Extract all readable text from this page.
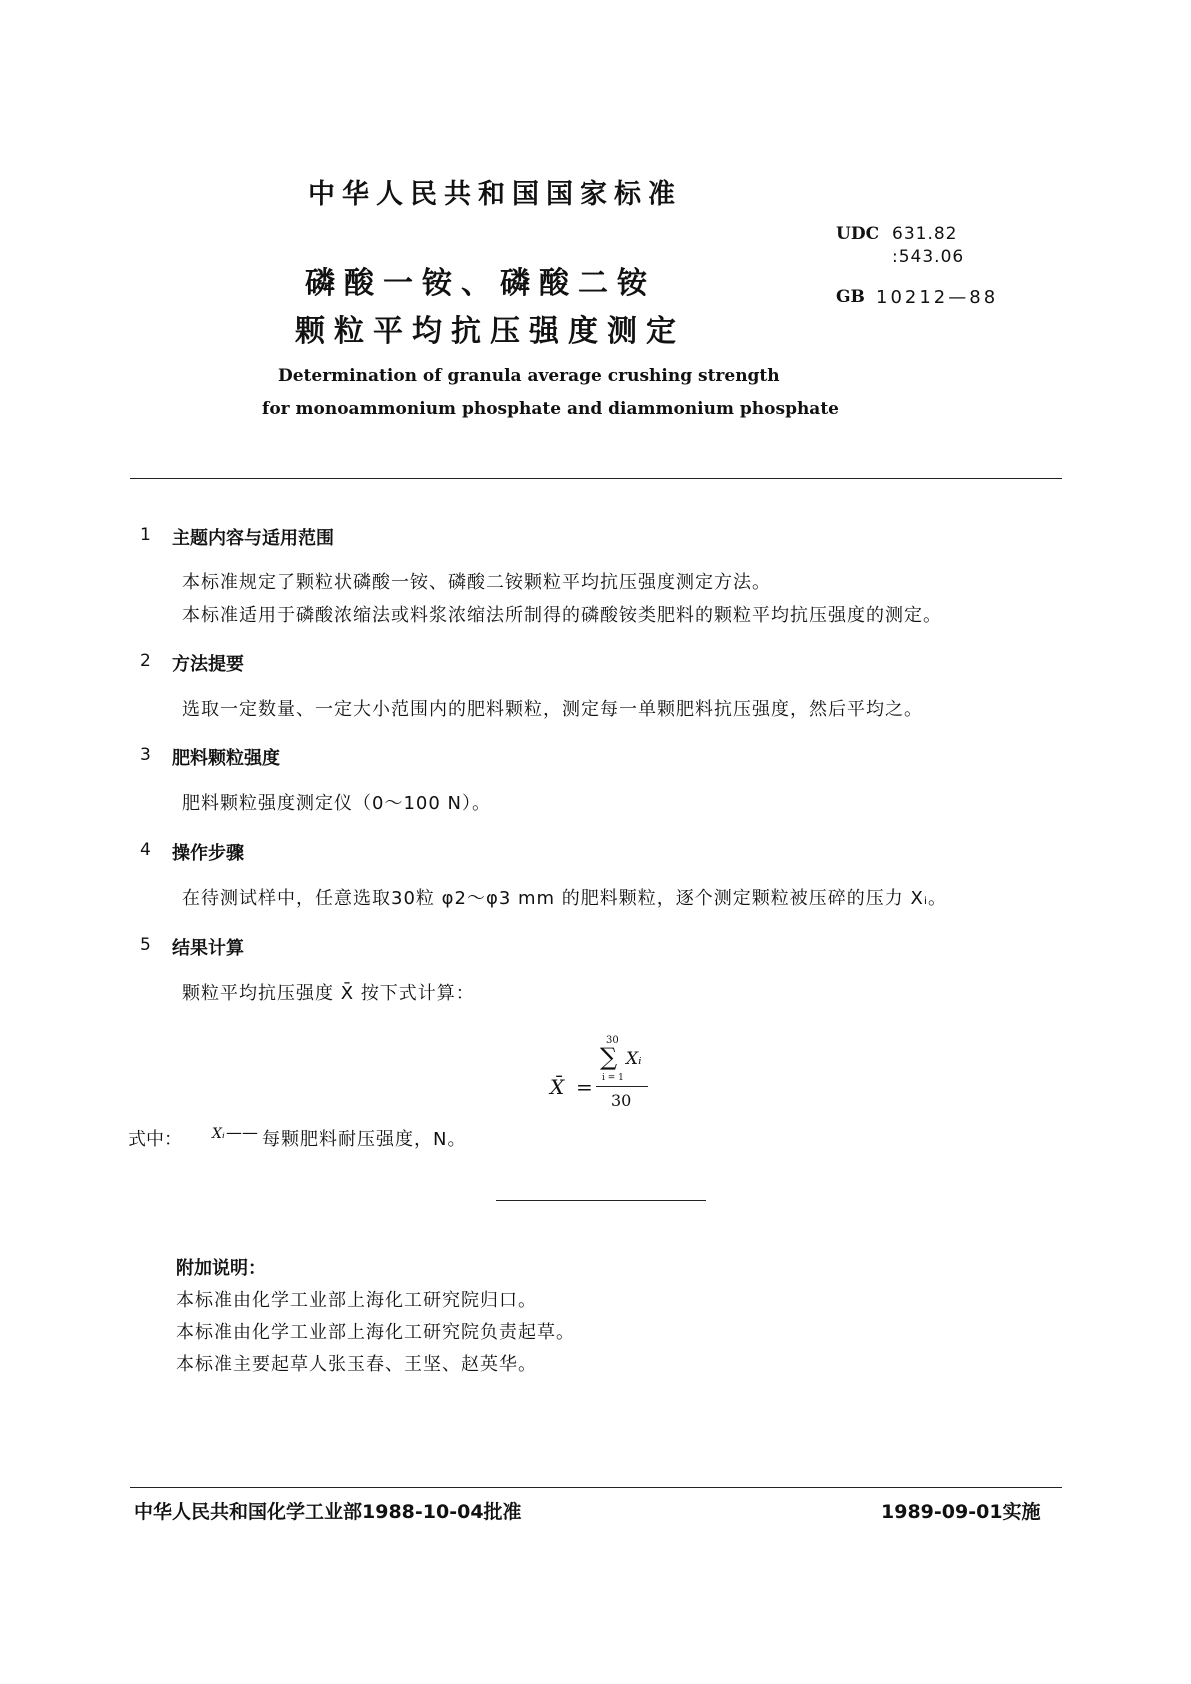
中华人民共和国国家标准
UDC 631.82
:543.06
GB 10212—88
磷酸一铵、磷酸二铵
颗粒平均抗压强度测定
Determination of granula average crushing strength
for monoammonium phosphate and diammonium phosphate
1 主题内容与适用范围
本标准规定了颗粒状磷酸一铵、磷酸二铵颗粒平均抗压强度测定方法。
本标准适用于磷酸浓缩法或料浆浓缩法所制得的磷酸铵类肥料的颗粒平均抗压强度的测定。
2 方法提要
选取一定数量、一定大小范围内的肥料颗粒，测定每一单颗肥料抗压强度，然后平均之。
3 肥料颗粒强度
肥料颗粒强度测定仪（0～100 N）。
4 操作步骤
在待测试样中，任意选取30粒 φ2～φ3 mm 的肥料颗粒，逐个测定颗粒被压碎的压力 Xᵢ。
5 结果计算
颗粒平均抗压强度 X̄ 按下式计算：
X̄ =
30
∑ Xᵢ
i = 1
30
式中： Xᵢ —— 每颗肥料耐压强度，N。
附加说明：
本标准由化学工业部上海化工研究院归口。
本标准由化学工业部上海化工研究院负责起草。
本标准主要起草人张玉春、王坚、赵英华。
中华人民共和国化学工业部1988-10-04批准	1989-09-01实施
